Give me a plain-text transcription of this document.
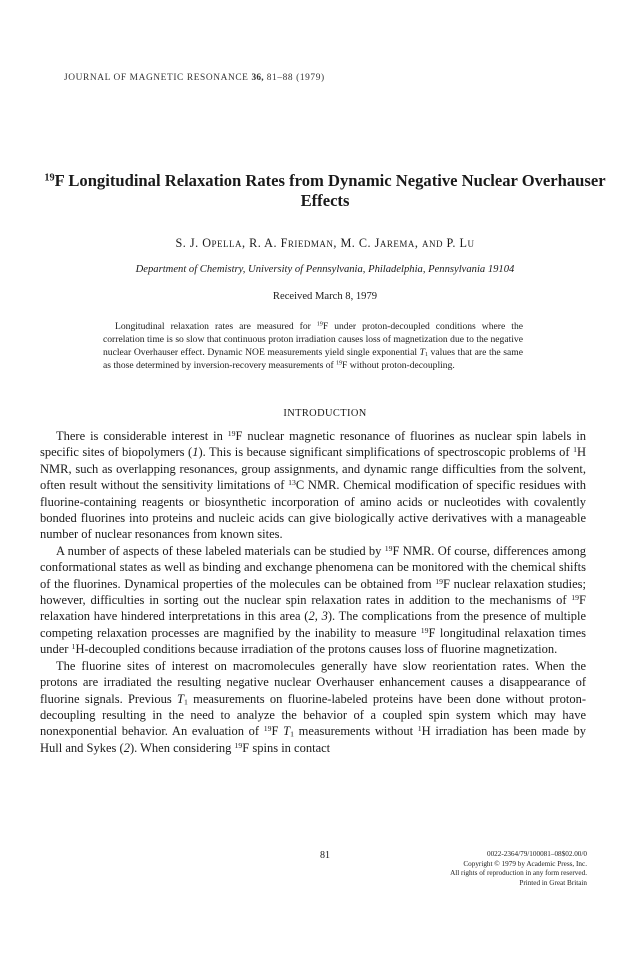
JOURNAL OF MAGNETIC RESONANCE 36, 81–88 (1979)
$^{19}$F Longitudinal Relaxation Rates from Dynamic Negative Nuclear Overhauser Effects
S. J. Opella, R. A. Friedman, M. C. Jarema, and P. Lu
Department of Chemistry, University of Pennsylvania, Philadelphia, Pennsylvania 19104
Received March 8, 1979
Longitudinal relaxation rates are measured for $^{19}$F under proton-decoupled conditions where the correlation time is so slow that continuous proton irradiation causes loss of magnetization due to the negative nuclear Overhauser effect. Dynamic NOE measurements yield single exponential $T_1$ values that are the same as those determined by inversion-recovery measurements of $^{19}$F without proton-decoupling.
INTRODUCTION

There is considerable interest in $^{19}$F nuclear magnetic resonance of fluorines as nuclear spin labels in specific sites of biopolymers (1). This is because significant simplifications of spectroscopic problems of $^1$H NMR, such as overlapping resonances, group assignments, and dynamic range difficulties from the solvent, often result without the sensitivity limitations of $^{13}$C NMR. Chemical modification of specific residues with fluorine-containing reagents or biosynthetic incorporation of amino acids or nucleotides with covalently bonded fluorines into proteins and nucleic acids can give biologically active derivatives with a manageable number of nuclear resonances from known sites.

A number of aspects of these labeled materials can be studied by $^{19}$F NMR. Of course, differences among conformational states as well as binding and exchange phenomena can be monitored with the chemical shifts of the fluorines. Dynamical properties of the molecules can be obtained from $^{19}$F nuclear relaxation studies; however, difficulties in sorting out the nuclear spin relaxation rates in addition to the mechanisms of $^{19}$F relaxation have hindered interpretations in this area (2, 3). The complications from the presence of multiple competing relaxation processes are magnified by the inability to measure $^{19}$F longitudinal relaxation times under $^1$H-decoupled conditions because irradiation of the protons causes loss of fluorine magnetization.

The fluorine sites of interest on macromolecules generally have slow reorientation rates. When the protons are irradiated the resulting negative nuclear Overhauser enhancement causes a disappearance of fluorine signals. Previous $T_1$ measurements on fluorine-labeled proteins have been done without proton-decoupling resulting in the need to analyze the behavior of a coupled spin system which may have nonexponential behavior. An evaluation of $^{19}$F $T_1$ measurements without $^1$H irradiation has been made by Hull and Sykes (2). When considering $^{19}$F spins in contact

81	0022-2364/79/100081–08$02.00/0
Copyright © 1979 by Academic Press, Inc.
All rights of reproduction in any form reserved.
Printed in Great Britain
